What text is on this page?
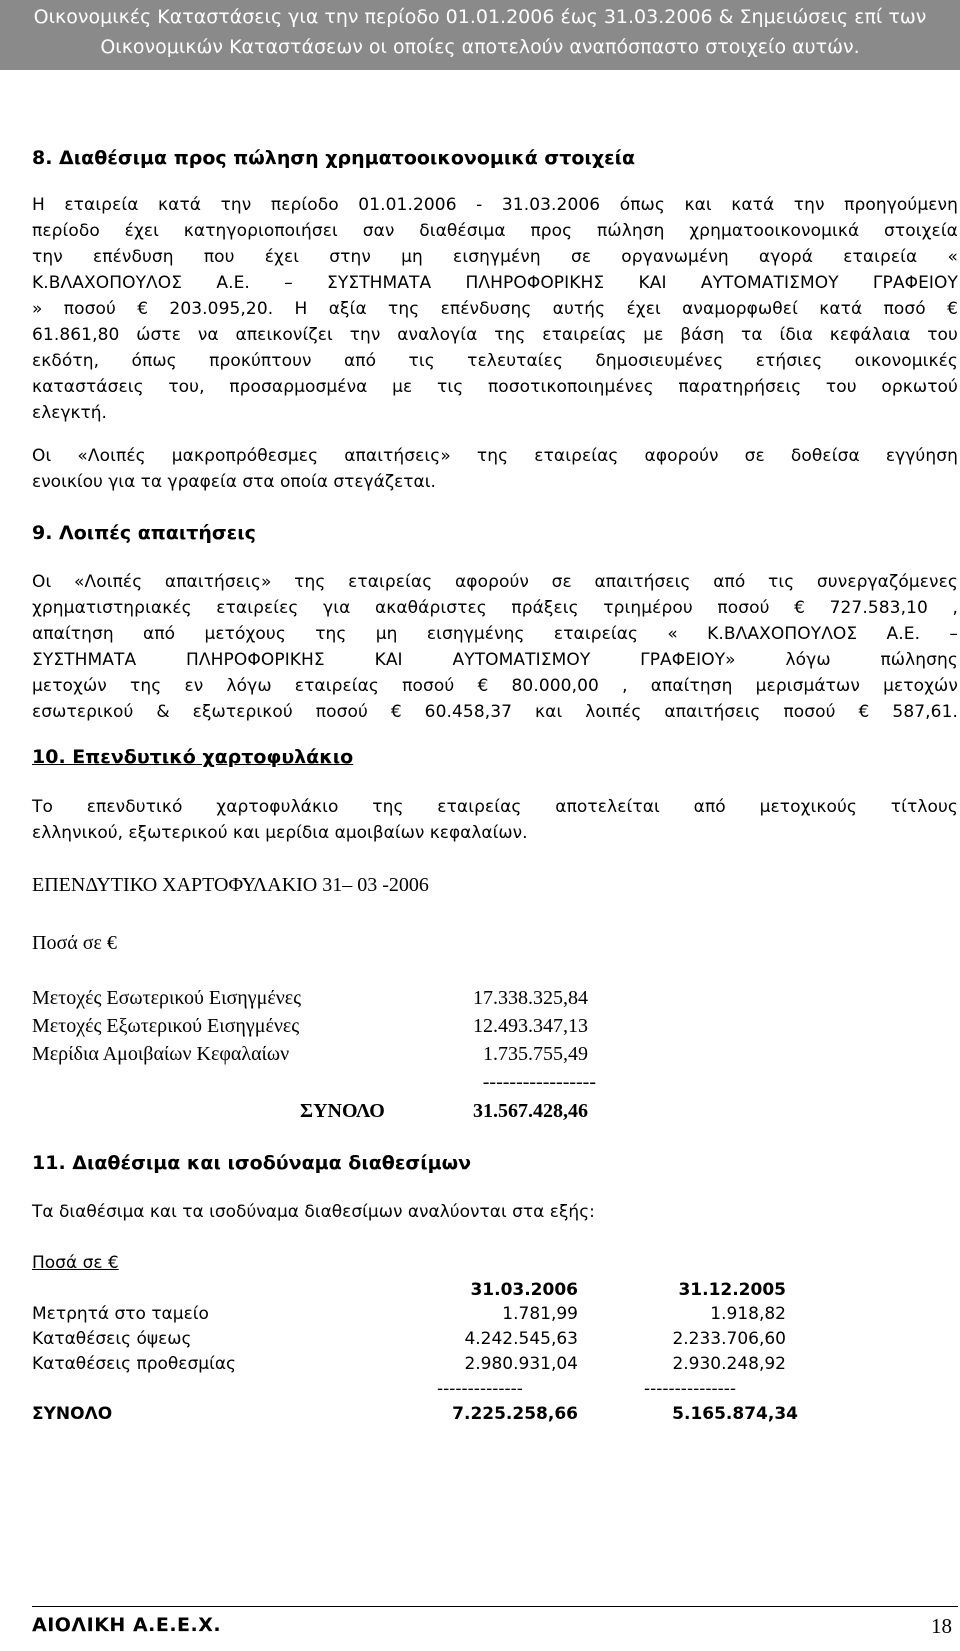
Οικονομικές Καταστάσεις για την περίοδο 01.01.2006 έως 31.03.2006 & Σημειώσεις επί των
Οικονομικών Καταστάσεων οι οποίες αποτελούν αναπόσπαστο στοιχείο αυτών.
8. Διαθέσιμα προς πώληση χρηματοοικονομικά στοιχεία
Η εταιρεία κατά την περίοδο 01.01.2006 - 31.03.2006 όπως και κατά την προηγούμενη
περίοδο έχει κατηγοριοποιήσει σαν διαθέσιμα προς πώληση χρηματοοικονομικά στοιχεία
την επένδυση που έχει στην μη εισηγμένη σε οργανωμένη αγορά εταιρεία «
Κ.ΒΛΑΧΟΠΟΥΛΟΣ Α.Ε. – ΣΥΣΤΗΜΑΤΑ ΠΛΗΡΟΦΟΡΙΚΗΣ ΚΑΙ ΑΥΤΟΜΑΤΙΣΜΟΥ ΓΡΑΦΕΙΟΥ
» ποσού € 203.095,20. Η αξία της επένδυσης αυτής έχει αναμορφωθεί κατά ποσό €
61.861,80 ώστε να απεικονίζει την αναλογία της εταιρείας με βάση τα ίδια κεφάλαια του
εκδότη, όπως προκύπτουν από τις τελευταίες δημοσιευμένες ετήσιες οικονομικές
καταστάσεις του, προσαρμοσμένα με τις ποσοτικοποιημένες παρατηρήσεις του ορκωτού
ελεγκτή.
Οι «Λοιπές μακροπρόθεσμες απαιτήσεις» της εταιρείας αφορούν σε δοθείσα εγγύηση
ενοικίου για τα γραφεία στα οποία στεγάζεται.
9. Λοιπές απαιτήσεις
Οι «Λοιπές απαιτήσεις» της εταιρείας αφορούν σε απαιτήσεις από τις συνεργαζόμενες
χρηματιστηριακές εταιρείες για ακαθάριστες πράξεις τριημέρου ποσού € 727.583,10 ,
απαίτηση από μετόχους της μη εισηγμένης εταιρείας « Κ.ΒΛΑΧΟΠΟΥΛΟΣ Α.Ε. –
ΣΥΣΤΗΜΑΤΑ ΠΛΗΡΟΦΟΡΙΚΗΣ ΚΑΙ ΑΥΤΟΜΑΤΙΣΜΟΥ ΓΡΑΦΕΙΟΥ» λόγω πώλησης
μετοχών της εν λόγω εταιρείας ποσού € 80.000,00 , απαίτηση μερισμάτων μετοχών
εσωτερικού & εξωτερικού ποσού € 60.458,37 και λοιπές απαιτήσεις ποσού € 587,61.
10. Επενδυτικό χαρτοφυλάκιο
Το επενδυτικό χαρτοφυλάκιο της εταιρείας αποτελείται από μετοχικούς τίτλους
ελληνικού, εξωτερικού και μερίδια αμοιβαίων κεφαλαίων.
ΕΠΕΝΔΥΤΙΚΟ ΧΑΡΤΟΦΥΛΑΚΙΟ 31– 03 -2006
Ποσά σε €
Μετοχές Εσωτερικού Εισηγμένες	17.338.325,84
Μετοχές Εξωτερικού Εισηγμένες	12.493.347,13
Μερίδια Αμοιβαίων Κεφαλαίων	1.735.755,49
-----------------
ΣΥΝΟΛΟ	31.567.428,46
11. Διαθέσιμα και ισοδύναμα διαθεσίμων
Τα διαθέσιμα και τα ισοδύναμα διαθεσίμων αναλύονται στα εξής:
Ποσά σε €
31.03.2006	31.12.2005
Μετρητά στο ταμείο	1.781,99	1.918,82
Καταθέσεις όψεως	4.242.545,63	2.233.706,60
Καταθέσεις προθεσμίας	2.980.931,04	2.930.248,92
--------------	---------------
ΣΥΝΟΛΟ	7.225.258,66	5.165.874,34
ΑΙΟΛΙΚΗ Α.Ε.Ε.Χ.	18
